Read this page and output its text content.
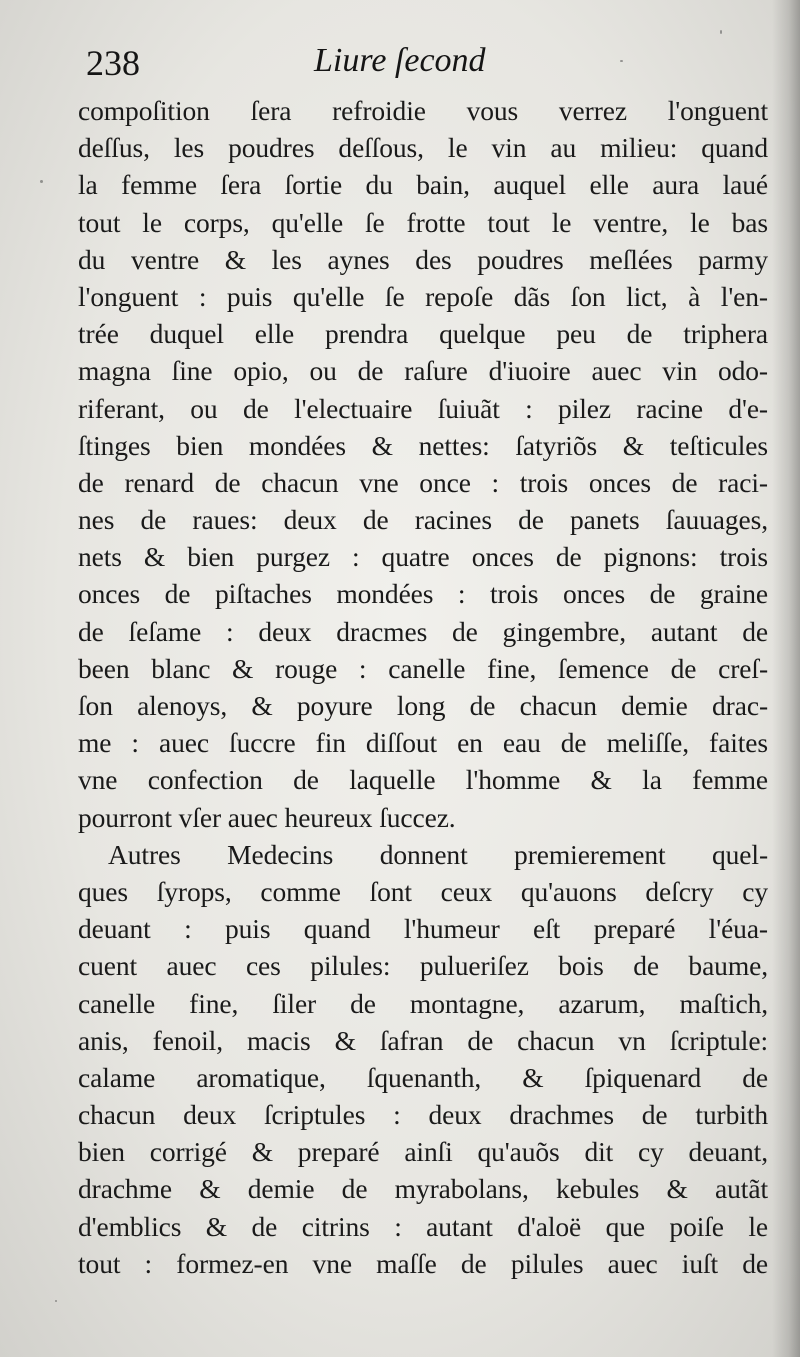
238	Liure ſecond
compoſition ſera refroidie vous verrez l'onguent
deſſus, les poudres deſſous, le vin au milieu: quand
la femme ſera ſortie du bain, auquel elle aura laué
tout le corps, qu'elle ſe frotte tout le ventre, le bas
du ventre & les aynes des poudres meſlées parmy
l'onguent : puis qu'elle ſe repoſe dãs ſon lict, à l'en-
trée duquel elle prendra quelque peu de triphera
magna ſine opio, ou de raſure d'iuoire auec vin odo-
riferant, ou de l'electuaire ſuiuãt : pilez racine d'e-
ſtinges bien mondées & nettes: ſatyriõs & teſticules
de renard de chacun vne once : trois onces de raci-
nes de raues: deux de racines de panets ſauuages,
nets & bien purgez : quatre onces de pignons: trois
onces de piſtaches mondées : trois onces de graine
de ſeſame : deux dracmes de gingembre, autant de
been blanc & rouge : canelle fine, ſemence de creſ-
ſon alenoys, & poyure long de chacun demie drac-
me : auec ſuccre fin diſſout en eau de meliſſe, faites
vne confection de laquelle l'homme & la femme
pourront vſer auec heureux ſuccez.
Autres Medecins donnent premierement quel-
ques ſyrops, comme ſont ceux qu'auons deſcry cy
deuant : puis quand l'humeur eſt preparé l'éua-
cuent auec ces pilules: pulueriſez bois de baume,
canelle fine, ſiler de montagne, azarum, maſtich,
anis, fenoil, macis & ſafran de chacun vn ſcriptule:
calame aromatique, ſquenanth, & ſpiquenard de
chacun deux ſcriptules : deux drachmes de turbith
bien corrigé & preparé ainſi qu'auõs dit cy deuant,
drachme & demie de myrabolans, kebules & autãt
d'emblics & de citrins : autant d'aloë que poiſe le
tout : formez-en vne maſſe de pilules auec iuſt de
